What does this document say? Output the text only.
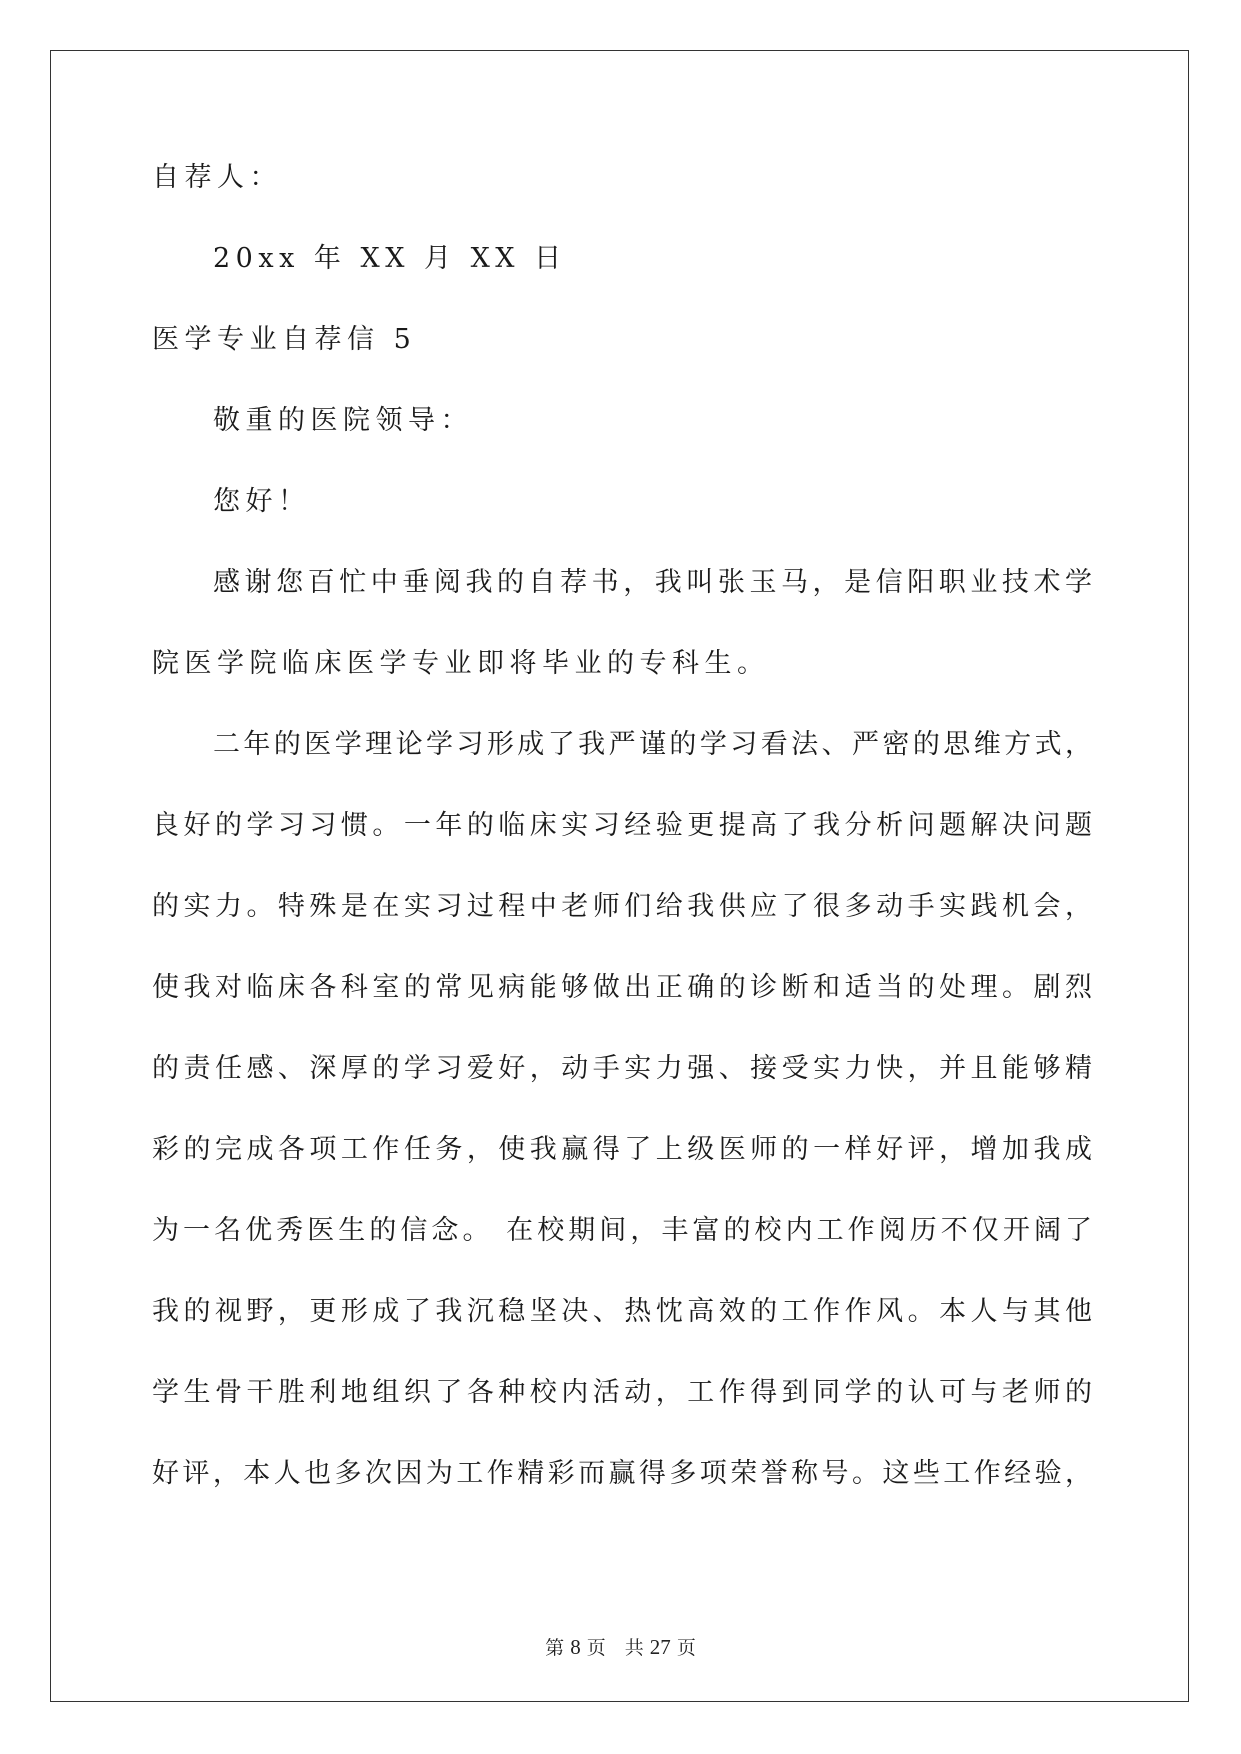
自荐人：
20xx 年 XX 月 XX 日
医学专业自荐信 5
敬重的医院领导：
您好！
感谢您百忙中垂阅我的自荐书，我叫张玉马，是信阳职业技术学
院医学院临床医学专业即将毕业的专科生。
二年的医学理论学习形成了我严谨的学习看法、严密的思维方式，
良好的学习习惯。一年的临床实习经验更提高了我分析问题解决问题
的实力。特殊是在实习过程中老师们给我供应了很多动手实践机会，
使我对临床各科室的常见病能够做出正确的诊断和适当的处理。剧烈
的责任感、深厚的学习爱好，动手实力强、接受实力快，并且能够精
彩的完成各项工作任务，使我赢得了上级医师的一样好评，增加我成
为一名优秀医生的信念。 在校期间，丰富的校内工作阅历不仅开阔了
我的视野，更形成了我沉稳坚决、热忱高效的工作作风。本人与其他
学生骨干胜利地组织了各种校内活动，工作得到同学的认可与老师的
好评，本人也多次因为工作精彩而赢得多项荣誉称号。这些工作经验，
第 8 页　共 27 页
